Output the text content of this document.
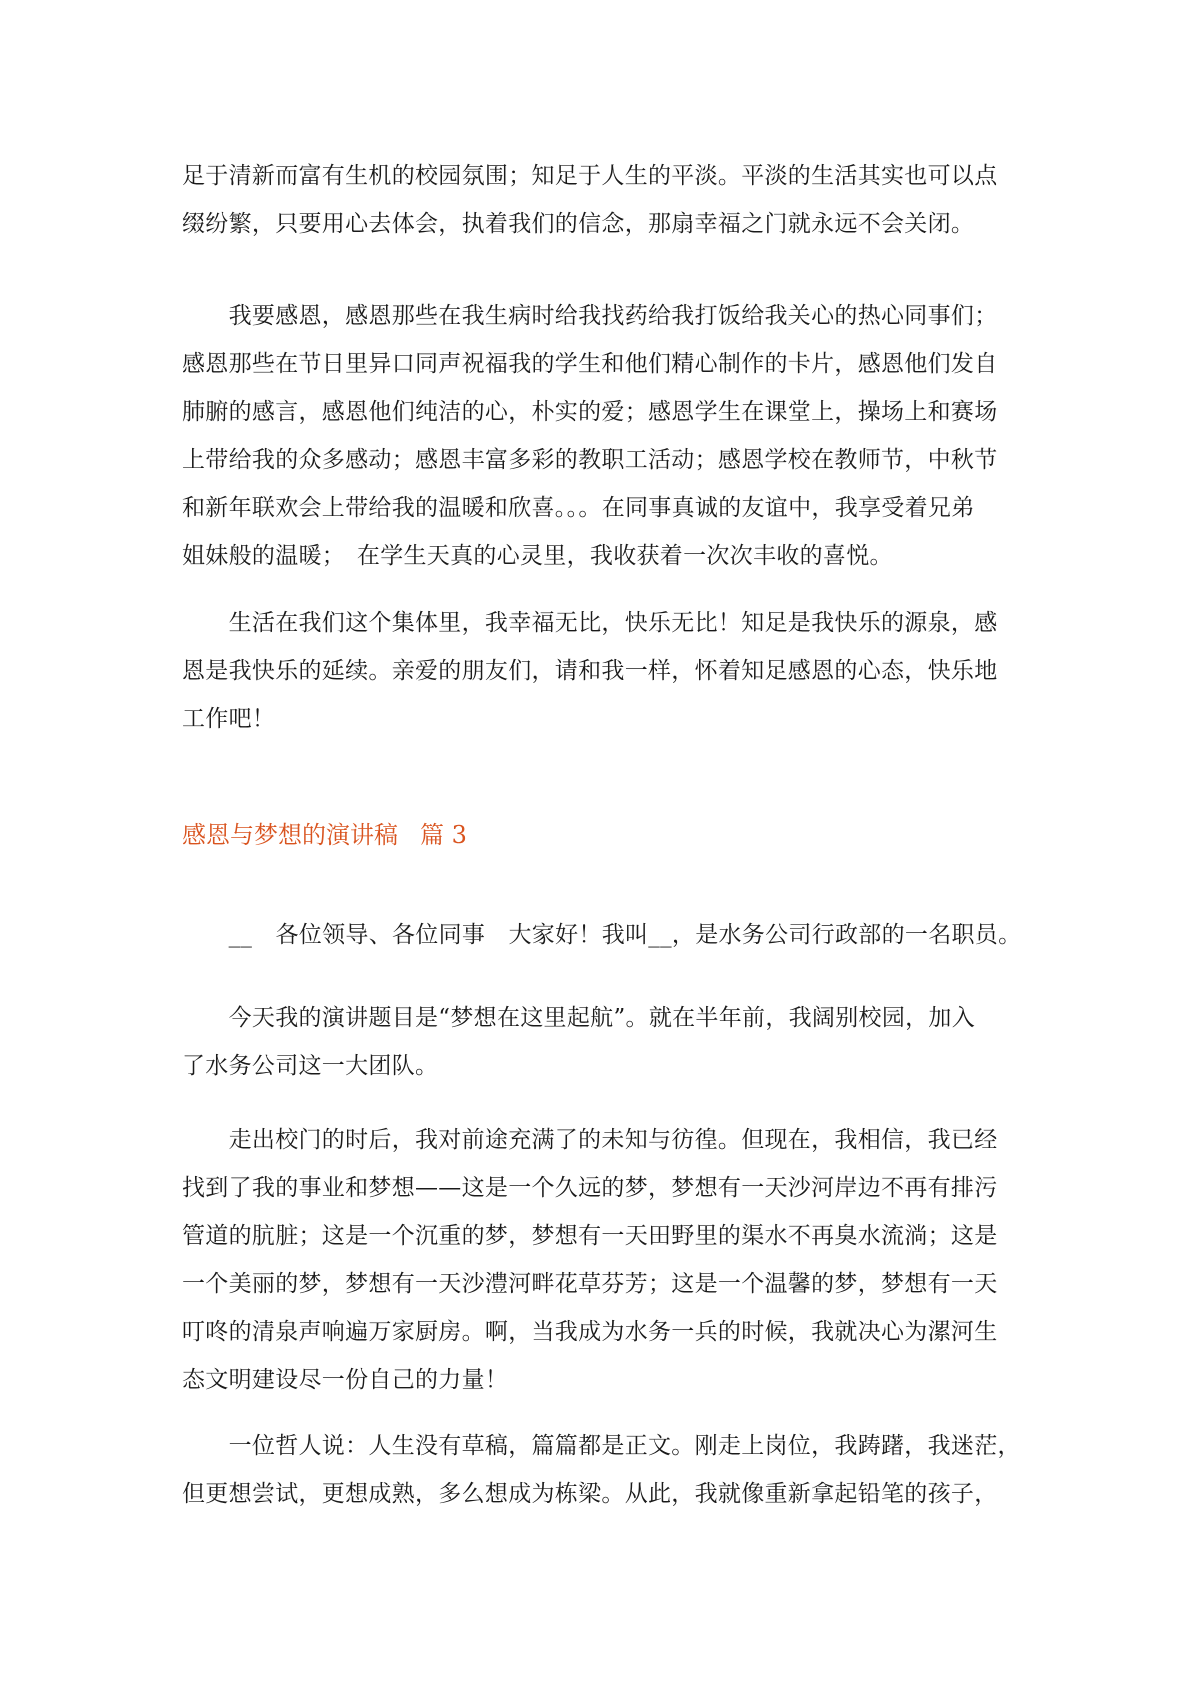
足于清新而富有生机的校园氛围；知足于人生的平淡。平淡的生活其实也可以点
缀纷繁，只要用心去体会，执着我们的信念，那扇幸福之门就永远不会关闭。
　　我要感恩，感恩那些在我生病时给我找药给我打饭给我关心的热心同事们；
感恩那些在节日里异口同声祝福我的学生和他们精心制作的卡片，感恩他们发自
肺腑的感言，感恩他们纯洁的心，朴实的爱；感恩学生在课堂上，操场上和赛场
上带给我的众多感动；感恩丰富多彩的教职工活动；感恩学校在教师节，中秋节
和新年联欢会上带给我的温暖和欣喜。。。在同事真诚的友谊中，我享受着兄弟
姐妹般的温暖；　在学生天真的心灵里，我收获着一次次丰收的喜悦。
　　生活在我们这个集体里，我幸福无比，快乐无比！知足是我快乐的源泉，感
恩是我快乐的延续。亲爱的朋友们，请和我一样，怀着知足感恩的心态，快乐地
工作吧！
感恩与梦想的演讲稿 篇 3
　　__　各位领导、各位同事　大家好！我叫__，是水务公司行政部的一名职员。
　　今天我的演讲题目是“梦想在这里起航”。就在半年前，我阔别校园，加入
了水务公司这一大团队。
　　走出校门的时后，我对前途充满了的未知与彷徨。但现在，我相信，我已经
找到了我的事业和梦想——这是一个久远的梦，梦想有一天沙河岸边不再有排污
管道的肮脏；这是一个沉重的梦，梦想有一天田野里的渠水不再臭水流淌；这是
一个美丽的梦，梦想有一天沙澧河畔花草芬芳；这是一个温馨的梦，梦想有一天
叮咚的清泉声响遍万家厨房。啊，当我成为水务一兵的时候，我就决心为漯河生
态文明建设尽一份自己的力量！
　　一位哲人说：人生没有草稿，篇篇都是正文。刚走上岗位，我踌躇，我迷茫，
但更想尝试，更想成熟，多么想成为栋梁。从此，我就像重新拿起铅笔的孩子，
